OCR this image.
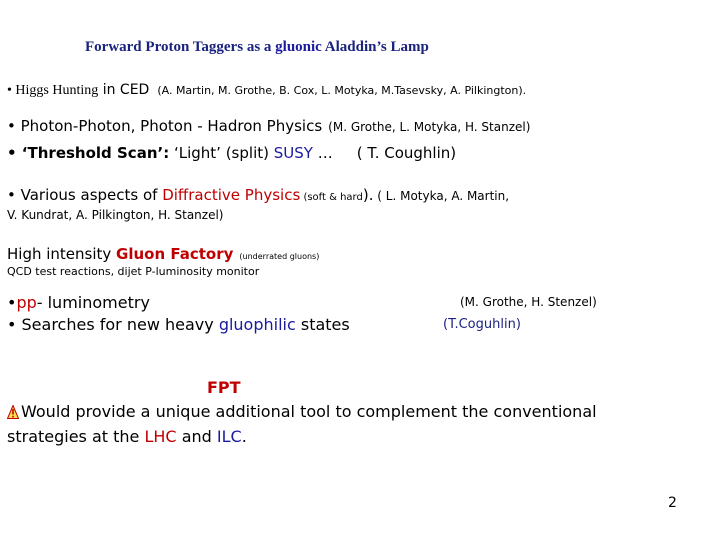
Forward Proton Taggers as a gluonic Aladdin’s Lamp
• Higgs Hunting in CED (A. Martin, M. Grothe, B. Cox, L. Motyka, M.Tasevsky, A. Pilkington).
• Photon-Photon, Photon - Hadron Physics (M. Grothe, L. Motyka, H. Stanzel)
• ‘Threshold Scan’: ‘Light’ (split) SUSY … ( T. Coughlin)
• Various aspects of Diffractive Physics (soft & hard). ( L. Motyka, A. Martin,
V. Kundrat, A. Pilkington, H. Stanzel)
High intensity Gluon Factory (underrated gluons)
QCD test reactions, dijet P-luminosity monitor
•pp- luminometry	(M. Grothe, H. Stenzel)
• Searches for new heavy gluophilic states	(T.Coguhlin)
FPT
Would provide a unique additional tool to complement the conventional
strategies at the LHC and ILC.
2
